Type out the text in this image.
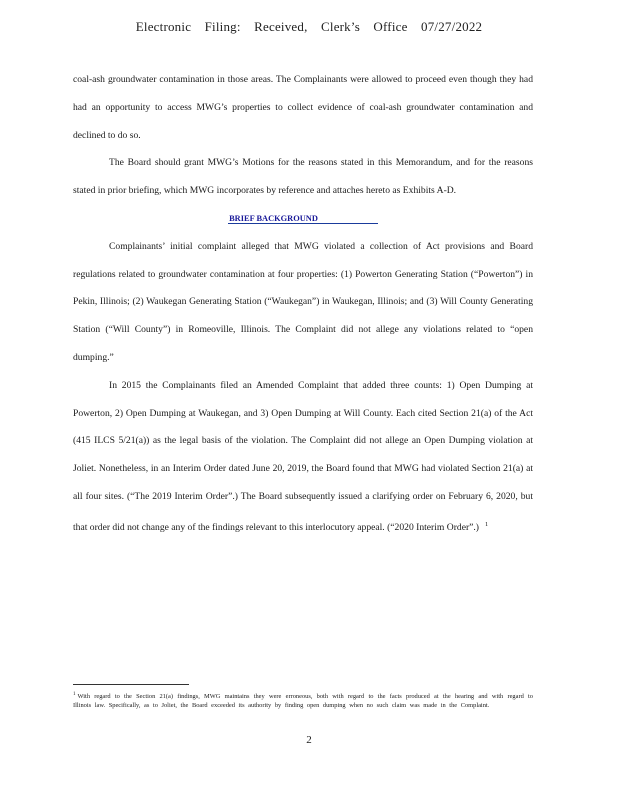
Electronic Filing: Received, Clerk’s Office 07/27/2022

coal-ash groundwater contamination in those areas. The Complainants were allowed to proceed even though they had had an opportunity to access MWG’s properties to collect evidence of coal-ash groundwater contamination and declined to do so.

The Board should grant MWG’s Motions for the reasons stated in this Memorandum, and for the reasons stated in prior briefing, which MWG incorporates by reference and attaches hereto as Exhibits A-D.

BRIEF BACKGROUND

Complainants’ initial complaint alleged that MWG violated a collection of Act provisions and Board regulations related to groundwater contamination at four properties: (1) Powerton Generating Station (“Powerton”) in Pekin, Illinois; (2) Waukegan Generating Station (“Waukegan”) in Waukegan, Illinois; and (3) Will County Generating Station (“Will County”) in Romeoville, Illinois. The Complaint did not allege any violations related to “open dumping.”

In 2015 the Complainants filed an Amended Complaint that added three counts: 1) Open Dumping at Powerton, 2) Open Dumping at Waukegan, and 3) Open Dumping at Will County. Each cited Section 21(a) of the Act (415 ILCS 5/21(a)) as the legal basis of the violation. The Complaint did not allege an Open Dumping violation at Joliet. Nonetheless, in an Interim Order dated June 20, 2019, the Board found that MWG had violated Section 21(a) at all four sites. (“The 2019 Interim Order”.) The Board subsequently issued a clarifying order on February 6, 2020, but that order did not change any of the findings relevant to this interlocutory appeal. (“2020 Interim Order”.) $^1$

$^1$ With regard to the Section 21(a) findings, MWG maintains they were erroneous, both with regard to the facts produced at the hearing and with regard to Illinois law. Specifically, as to Joliet, the Board exceeded its authority by finding open dumping when no such claim was made in the Complaint.

2
